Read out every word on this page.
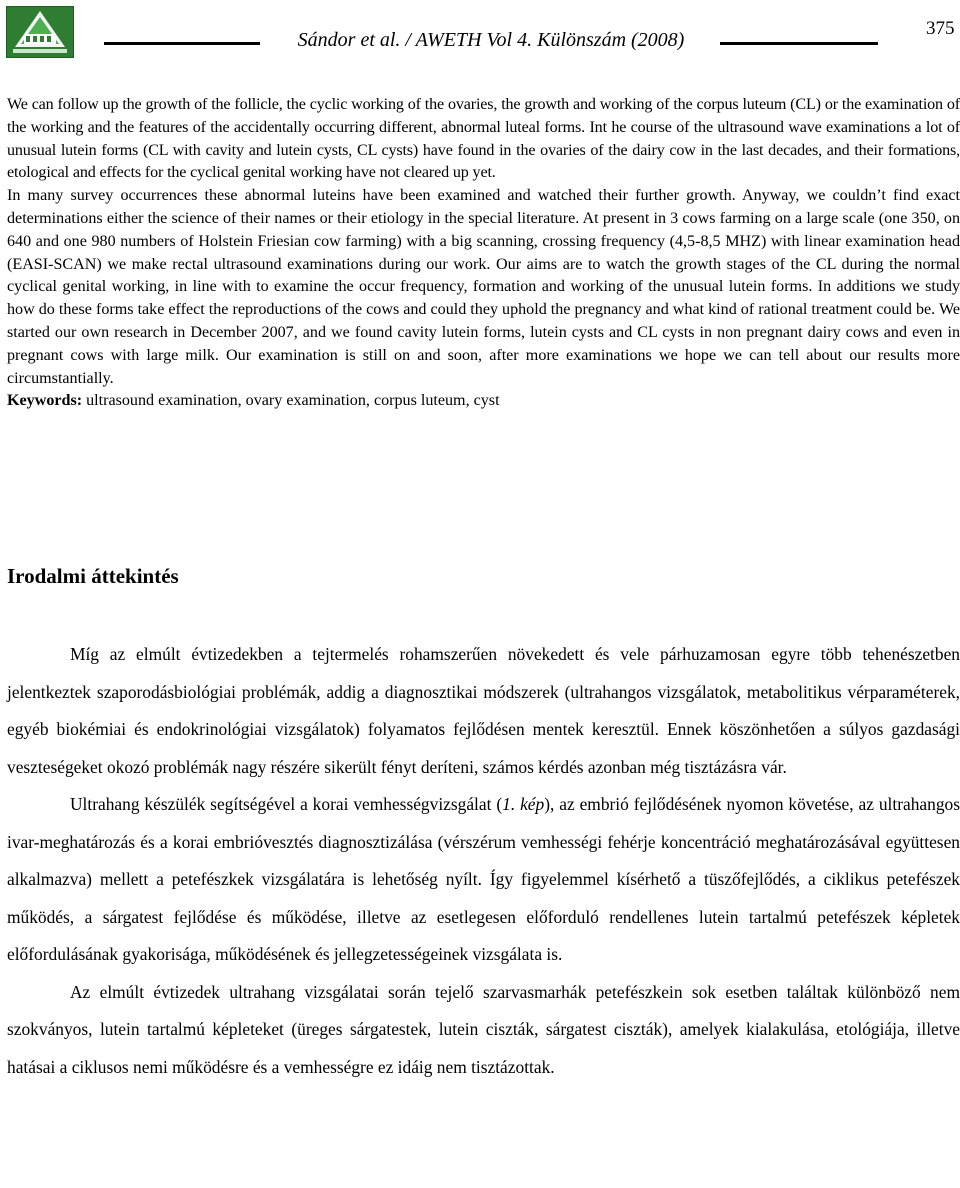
Sándor et al. / AWETH Vol 4. Különszám (2008)
375

We can follow up the growth of the follicle, the cyclic working of the ovaries, the growth and working of the corpus luteum (CL) or the examination of the working and the features of the accidentally occurring different, abnormal luteal forms. Int he course of the ultrasound wave examinations a lot of unusual lutein forms (CL with cavity and lutein cysts, CL cysts) have found in the ovaries of the dairy cow in the last decades, and their formations, etological and effects for the cyclical genital working have not cleared up yet.

In many survey occurrences these abnormal luteins have been examined and watched their further growth. Anyway, we couldn’t find exact determinations either the science of their names or their etiology in the special literature. At present in 3 cows farming on a large scale (one 350, on 640 and one 980 numbers of Holstein Friesian cow farming) with a big scanning, crossing frequency (4,5-8,5 MHZ) with linear examination head (EASI-SCAN) we make rectal ultrasound examinations during our work. Our aims are to watch the growth stages of the CL during the normal cyclical genital working, in line with to examine the occur frequency, formation and working of the unusual lutein forms. In additions we study how do these forms take effect the reproductions of the cows and could they uphold the pregnancy and what kind of rational treatment could be. We started our own research in December 2007, and we found cavity lutein forms, lutein cysts and CL cysts in non pregnant dairy cows and even in pregnant cows with large milk. Our examination is still on and soon, after more examinations we hope we can tell about our results more circumstantially.

Keywords: ultrasound examination, ovary examination, corpus luteum, cyst

Irodalmi áttekintés

Míg az elmúlt évtizedekben a tejtermelés rohamszerűen növekedett és vele párhuzamosan egyre több tehenészetben jelentkeztek szaporodásbiológiai problémák, addig a diagnosztikai módszerek (ultrahangos vizsgálatok, metabolitikus vérparaméterek, egyéb biokémiai és endokrinológiai vizsgálatok) folyamatos fejlődésen mentek keresztül. Ennek köszönhetően a súlyos gazdasági veszteségeket okozó problémák nagy részére sikerült fényt deríteni, számos kérdés azonban még tisztázásra vár.

Ultrahang készülék segítségével a korai vemhességvizsgálat (1. kép), az embrió fejlődésének nyomon követése, az ultrahangos ivar-meghatározás és a korai embrióvesztés diagnosztizálása (vérszérum vemhességi fehérje koncentráció meghatározásával együttesen alkalmazva) mellett a petefészkek vizsgálatára is lehetőség nyílt. Így figyelemmel kísérhető a tüszőfejlődés, a ciklikus petefészek működés, a sárgatest fejlődése és működése, illetve az esetlegesen előforduló rendellenes lutein tartalmú petefészek képletek előfordulásának gyakorisága, működésének és jellegzetességeinek vizsgálata is.

Az elmúlt évtizedek ultrahang vizsgálatai során tejelő szarvasmarhák petefészkein sok esetben találtak különböző nem szokványos, lutein tartalmú képleteket (üreges sárgatestek, lutein ciszták, sárgatest ciszták), amelyek kialakulása, etológiája, illetve hatásai a ciklusos nemi működésre és a vemhességre ez idáig nem tisztázottak.
